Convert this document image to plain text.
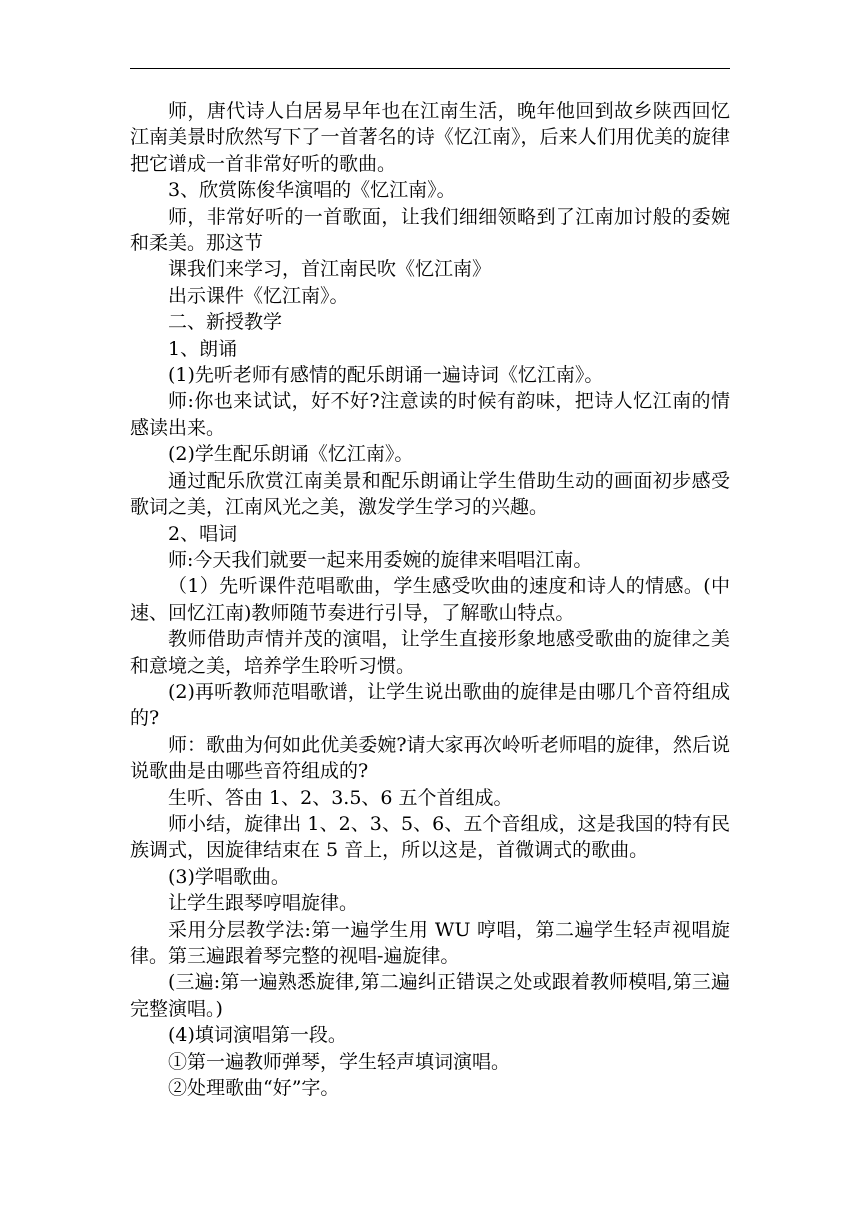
师，唐代诗人白居易早年也在江南生活，晚年他回到故乡陕西回忆江南美景时欣然写下了一首著名的诗《忆江南》，后来人们用优美的旋律把它谱成一首非常好听的歌曲。

3、欣赏陈俊华演唱的《忆江南》。

师，非常好听的一首歌面，让我们细细领略到了江南加讨般的委婉和柔美。那这节

课我们来学习，首江南民吹《忆江南》

出示课件《忆江南》。

二、新授教学

1、朗诵

(1)先听老师有感情的配乐朗诵一遍诗词《忆江南》。

师:你也来试试，好不好?注意读的时候有韵味，把诗人忆江南的情感读出来。

(2)学生配乐朗诵《忆江南》。

通过配乐欣赏江南美景和配乐朗诵让学生借助生动的画面初步感受歌词之美，江南风光之美，激发学生学习的兴趣。

2、唱词

师:今天我们就要一起来用委婉的旋律来唱唱江南。

（1）先听课件范唱歌曲，学生感受吹曲的速度和诗人的情感。(中速、回忆江南)教师随节奏进行引导，了解歌山特点。

教师借助声情并茂的演唱，让学生直接形象地感受歌曲的旋律之美和意境之美，培养学生聆听习惯。

(2)再听教师范唱歌谱，让学生说出歌曲的旋律是由哪几个音符组成的?

师：歌曲为何如此优美委婉?请大家再次岭听老师唱的旋律，然后说说歌曲是由哪些音符组成的?

生听、答由 1、2、3.5、6 五个首组成。

师小结，旋律出 1、2、3、5、6、五个音组成，这是我国的特有民族调式，因旋律结束在 5 音上，所以这是，首微调式的歌曲。

(3)学唱歌曲。

让学生跟琴哼唱旋律。

采用分层教学法:第一遍学生用 WU 哼唱，第二遍学生轻声视唱旋律。第三遍跟着琴完整的视唱-遍旋律。

(三遍:第一遍熟悉旋律,第二遍纠正错误之处或跟着教师模唱,第三遍完整演唱。)

(4)填词演唱第一段。

①第一遍教师弹琴，学生轻声填词演唱。

②处理歌曲“好”字。
